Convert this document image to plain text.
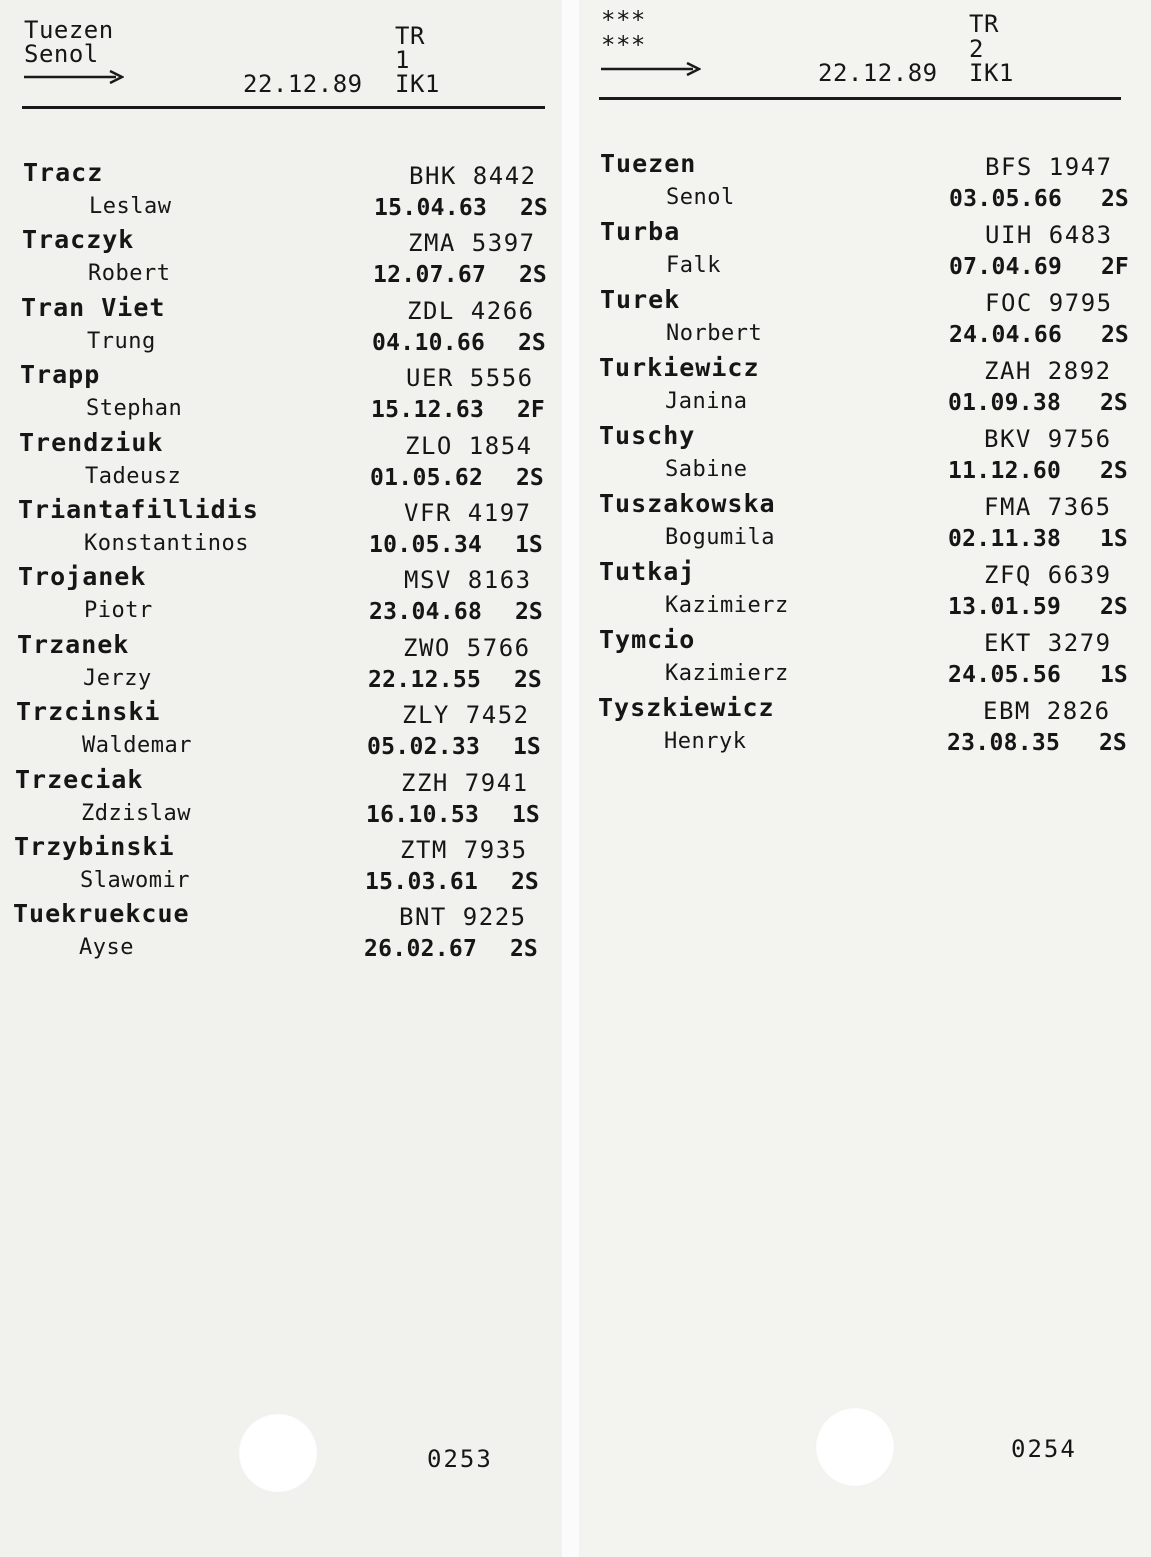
Tuezen
Senol
TR
1
22.12.89 IK1
Tracz
Leslaw
BHK 8442
15.04.63 2S
Traczyk
Robert
ZMA 5397
12.07.67 2S
Tran Viet
Trung
ZDL 4266
04.10.66 2S
Trapp
Stephan
UER 5556
15.12.63 2F
Trendziuk
Tadeusz
ZLO 1854
01.05.62 2S
Triantafillidis
Konstantinos
VFR 4197
10.05.34 1S
Trojanek
Piotr
MSV 8163
23.04.68 2S
Trzanek
Jerzy
ZWO 5766
22.12.55 2S
Trzcinski
Waldemar
ZLY 7452
05.02.33 1S
Trzeciak
Zdzislaw
ZZH 7941
16.10.53 1S
Trzybinski
Slawomir
ZTM 7935
15.03.61 2S
Tuekruekcue
Ayse
BNT 9225
26.02.67 2S
0253
***
***
TR
2
22.12.89 IK1
Tuezen
Senol
BFS 1947
03.05.66 2S
Turba
Falk
UIH 6483
07.04.69 2F
Turek
Norbert
FOC 9795
24.04.66 2S
Turkiewicz
Janina
ZAH 2892
01.09.38 2S
Tuschy
Sabine
BKV 9756
11.12.60 2S
Tuszakowska
Bogumila
FMA 7365
02.11.38 1S
Tutkaj
Kazimierz
ZFQ 6639
13.01.59 2S
Tymcio
Kazimierz
EKT 3279
24.05.56 1S
Tyszkiewicz
Henryk
EBM 2826
23.08.35 2S
0254
